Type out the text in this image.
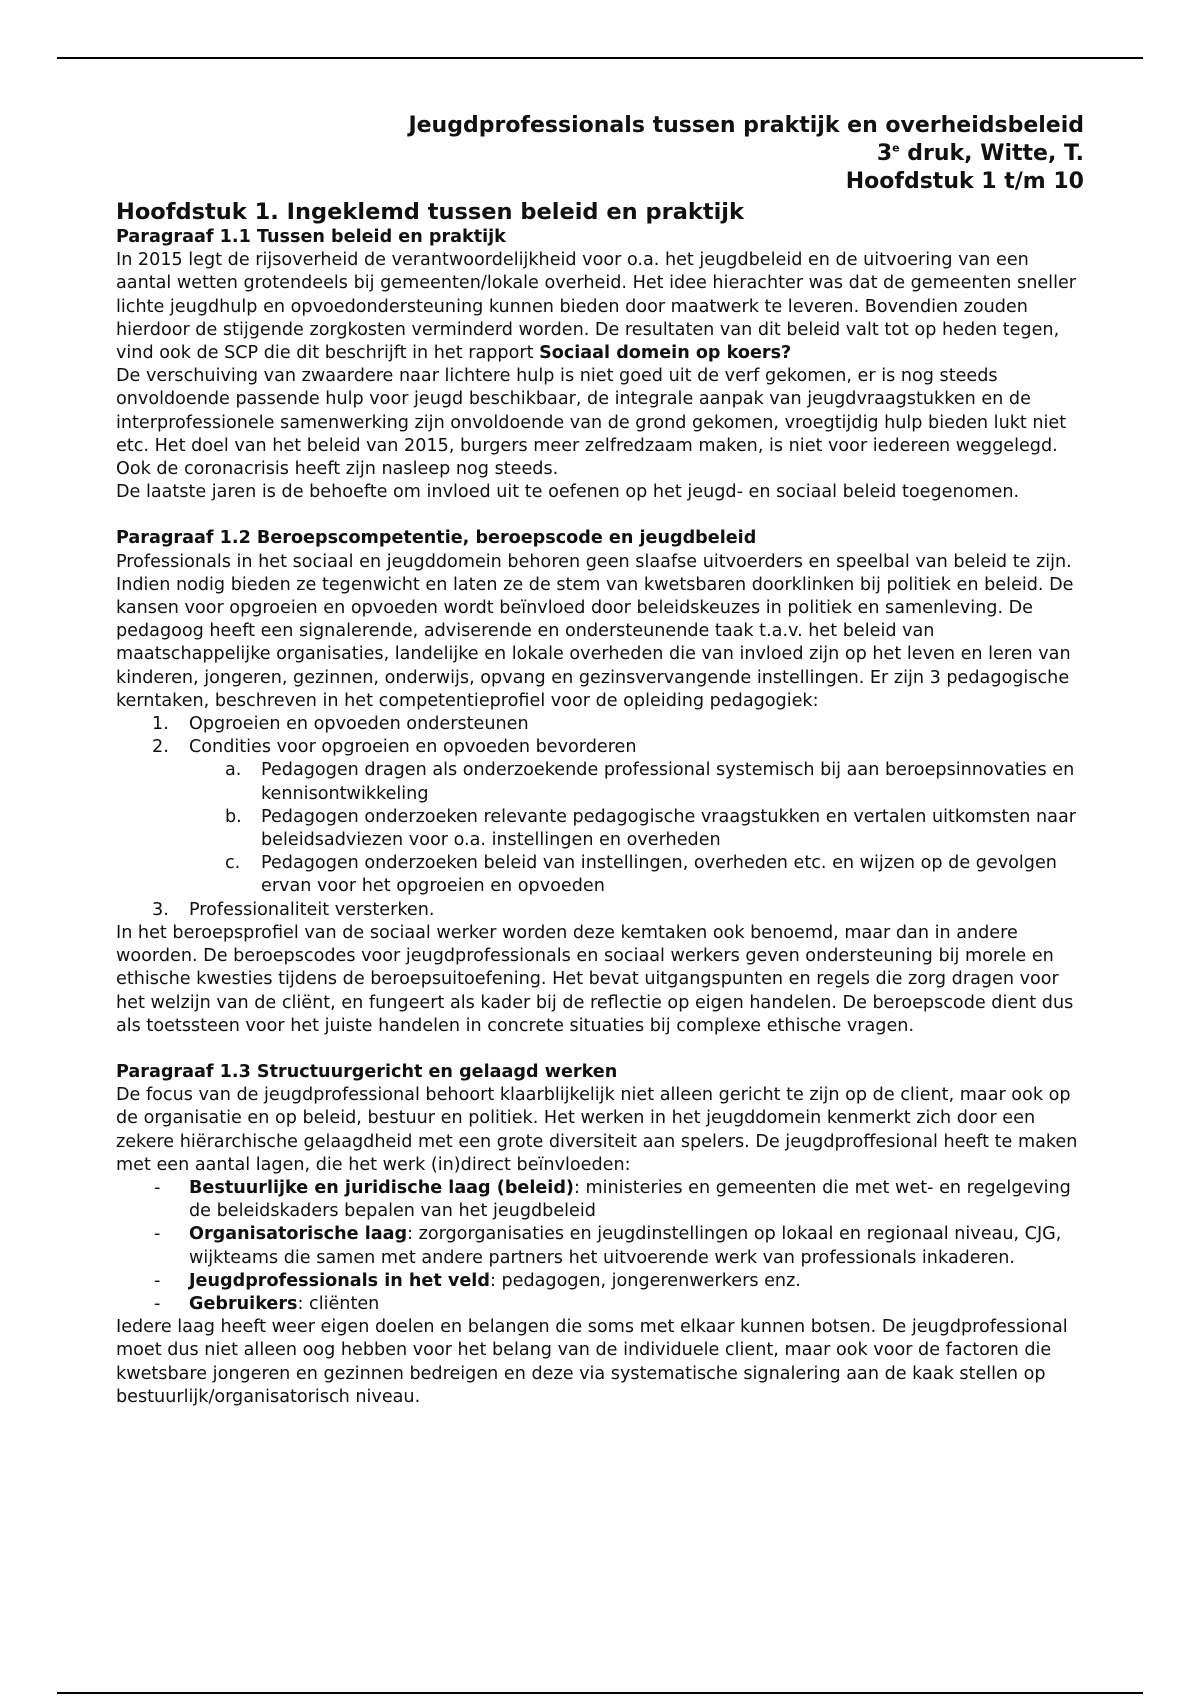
Jeugdprofessionals tussen praktijk en overheidsbeleid
3e druk, Witte, T.
Hoofdstuk 1 t/m 10
Hoofdstuk 1. Ingeklemd tussen beleid en praktijk
Paragraaf 1.1 Tussen beleid en praktijk

In 2015 legt de rijsoverheid de verantwoordelijkheid voor o.a. het jeugdbeleid en de uitvoering van een aantal wetten grotendeels bij gemeenten/lokale overheid. Het idee hierachter was dat de gemeenten sneller lichte jeugdhulp en opvoedondersteuning kunnen bieden door maatwerk te leveren. Bovendien zouden hierdoor de stijgende zorgkosten verminderd worden. De resultaten van dit beleid valt tot op heden tegen, vind ook de SCP die dit beschrijft in het rapport Sociaal domein op koers?

De verschuiving van zwaardere naar lichtere hulp is niet goed uit de verf gekomen, er is nog steeds onvoldoende passende hulp voor jeugd beschikbaar, de integrale aanpak van jeugdvraagstukken en de interprofessionele samenwerking zijn onvoldoende van de grond gekomen, vroegtijdig hulp bieden lukt niet etc. Het doel van het beleid van 2015, burgers meer zelfredzaam maken, is niet voor iedereen weggelegd. Ook de coronacrisis heeft zijn nasleep nog steeds.

De laatste jaren is de behoefte om invloed uit te oefenen op het jeugd- en sociaal beleid toegenomen.

Paragraaf 1.2 Beroepscompetentie, beroepscode en jeugdbeleid

Professionals in het sociaal en jeugddomein behoren geen slaafse uitvoerders en speelbal van beleid te zijn. Indien nodig bieden ze tegenwicht en laten ze de stem van kwetsbaren doorklinken bij politiek en beleid. De kansen voor opgroeien en opvoeden wordt beïnvloed door beleidskeuzes in politiek en samenleving. De pedagoog heeft een signalerende, adviserende en ondersteunende taak t.a.v. het beleid van maatschappelijke organisaties, landelijke en lokale overheden die van invloed zijn op het leven en leren van kinderen, jongeren, gezinnen, onderwijs, opvang en gezinsvervangende instellingen. Er zijn 3 pedagogische kerntaken, beschreven in het competentieprofiel voor de opleiding pedagogiek:

1. Opgroeien en opvoeden ondersteunen
2. Condities voor opgroeien en opvoeden bevorderen
a. Pedagogen dragen als onderzoekende professional systemisch bij aan beroepsinnovaties en kennisontwikkeling
b. Pedagogen onderzoeken relevante pedagogische vraagstukken en vertalen uitkomsten naar beleidsadviezen voor o.a. instellingen en overheden
c. Pedagogen onderzoeken beleid van instellingen, overheden etc. en wijzen op de gevolgen ervan voor het opgroeien en opvoeden
3. Professionaliteit versterken.

In het beroepsprofiel van de sociaal werker worden deze kemtaken ook benoemd, maar dan in andere woorden. De beroepscodes voor jeugdprofessionals en sociaal werkers geven ondersteuning bij morele en ethische kwesties tijdens de beroepsuitoefening. Het bevat uitgangspunten en regels die zorg dragen voor het welzijn van de cliënt, en fungeert als kader bij de reflectie op eigen handelen. De beroepscode dient dus als toetssteen voor het juiste handelen in concrete situaties bij complexe ethische vragen.

Paragraaf 1.3 Structuurgericht en gelaagd werken

De focus van de jeugdprofessional behoort klaarblijkelijk niet alleen gericht te zijn op de client, maar ook op de organisatie en op beleid, bestuur en politiek. Het werken in het jeugddomein kenmerkt zich door een zekere hiërarchische gelaagdheid met een grote diversiteit aan spelers. De jeugdproffesional heeft te maken met een aantal lagen, die het werk (in)direct beïnvloeden:

- Bestuurlijke en juridische laag (beleid): ministeries en gemeenten die met wet- en regelgeving de beleidskaders bepalen van het jeugdbeleid
- Organisatorische laag: zorgorganisaties en jeugdinstellingen op lokaal en regionaal niveau, CJG, wijkteams die samen met andere partners het uitvoerende werk van professionals inkaderen.
- Jeugdprofessionals in het veld: pedagogen, jongerenwerkers enz.
- Gebruikers: cliënten

Iedere laag heeft weer eigen doelen en belangen die soms met elkaar kunnen botsen. De jeugdprofessional moet dus niet alleen oog hebben voor het belang van de individuele client, maar ook voor de factoren die kwetsbare jongeren en gezinnen bedreigen en deze via systematische signalering aan de kaak stellen op bestuurlijk/organisatorisch niveau.
